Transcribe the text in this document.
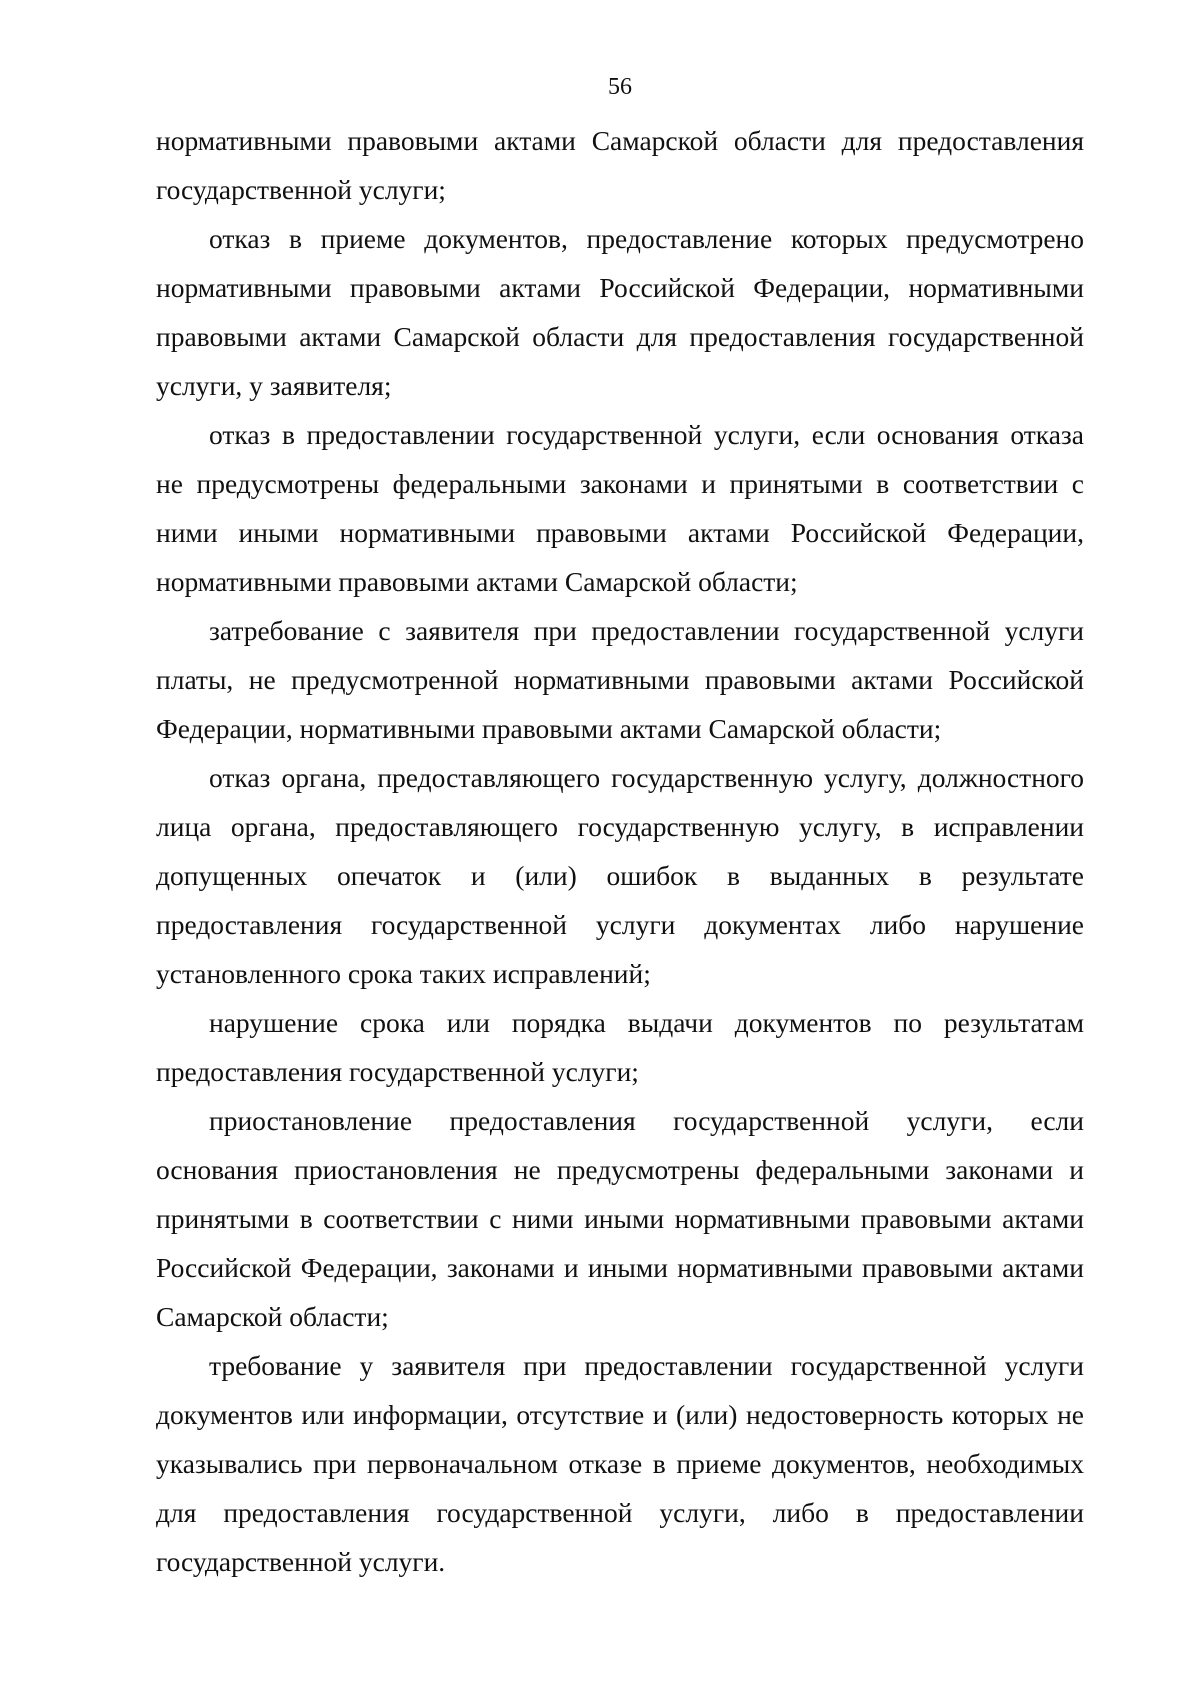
56

нормативными правовыми актами Самарской области для предоставления государственной услуги;

отказ в приеме документов, предоставление которых предусмотрено нормативными правовыми актами Российской Федерации, нормативными правовыми актами Самарской области для предоставления государственной услуги, у заявителя;

отказ в предоставлении государственной услуги, если основания отказа не предусмотрены федеральными законами и принятыми в соответствии с ними иными нормативными правовыми актами Российской Федерации, нормативными правовыми актами Самарской области;

затребование с заявителя при предоставлении государственной услуги платы, не предусмотренной нормативными правовыми актами Российской Федерации, нормативными правовыми актами Самарской области;

отказ органа, предоставляющего государственную услугу, должностного лица органа, предоставляющего государственную услугу, в исправлении допущенных опечаток и (или) ошибок в выданных в результате предоставления государственной услуги документах либо нарушение установленного срока таких исправлений;

нарушение срока или порядка выдачи документов по результатам предоставления государственной услуги;

приостановление предоставления государственной услуги, если основания приостановления не предусмотрены федеральными законами и принятыми в соответствии с ними иными нормативными правовыми актами Российской Федерации, законами и иными нормативными правовыми актами Самарской области;

требование у заявителя при предоставлении государственной услуги документов или информации, отсутствие и (или) недостоверность которых не указывались при первоначальном отказе в приеме документов, необходимых для предоставления государственной услуги, либо в предоставлении государственной услуги.
